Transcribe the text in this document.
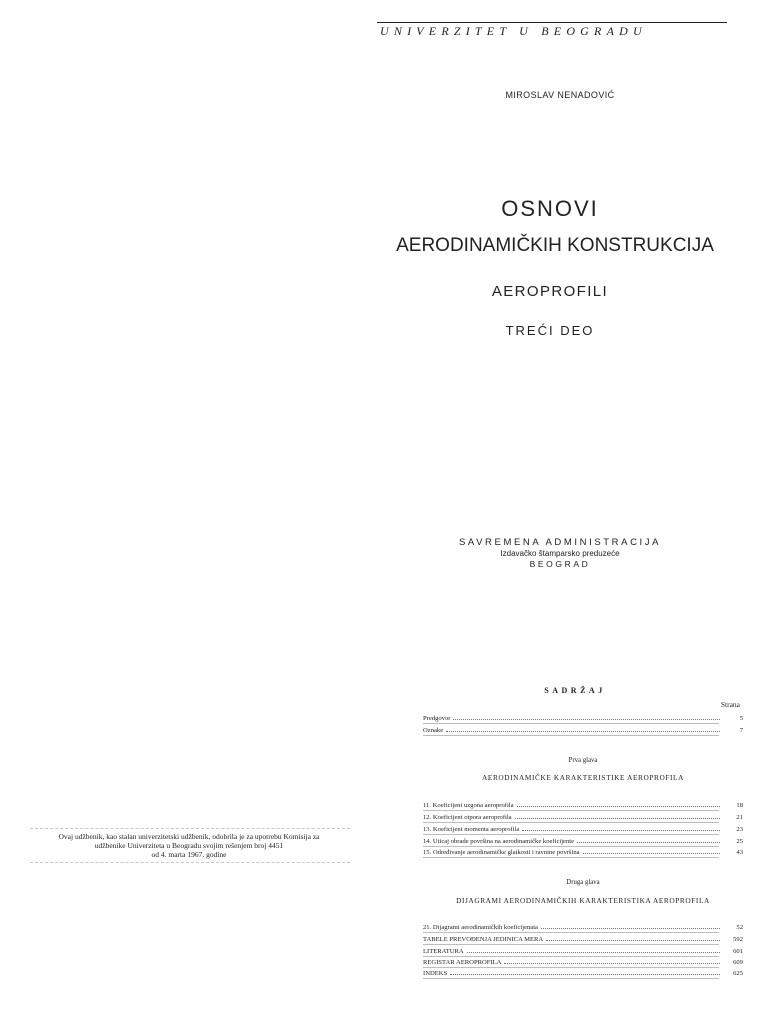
UNIVERZITET U BEOGRADU
MIROSLAV NENADOVIĆ
OSNOVI
AERODINAMIČKIH KONSTRUKCIJA
AEROPROFILI
TREĆI DEO
SAVREMENA ADMINISTRACIJA
Izdavačko štamparsko preduzeće
BEOGRAD
Ovaj udžbenik, kao stalan univerzitetski udžbenik, odobrila je za upotrebu Komisija za
udžbenike Univerziteta u Beogradu svojim rešenjem broj 4451
od 4. marta 1967. godine
SADRŽAJ
Strana
Predgovor	5
Oznake	7
Prva glava
AERODINAMIČKE KARAKTERISTIKE AEROPROFILA
11. Koeficijent uzgona aeroprofila	18
12. Koeficijent otpora aeroprofila	21
13. Koeficijent momenta aeroprofila	23
14. Uticaj obrade površina na aerodinamičke koeficijente	25
15. Određivanje aerodinamičke glatkosti i ravnine površina	43
Druga glava
DIJAGRAMI AERODINAMIČKIH KARAKTERISTIKA AEROPROFILA
21. Dijagrami aerodinamičkih koeficijenata	52
TABELE PREVOĐENJA JEDINICA MERA	592
LITERATURA	601
REGISTAR AEROPROFILA	609
INDEKS	625
